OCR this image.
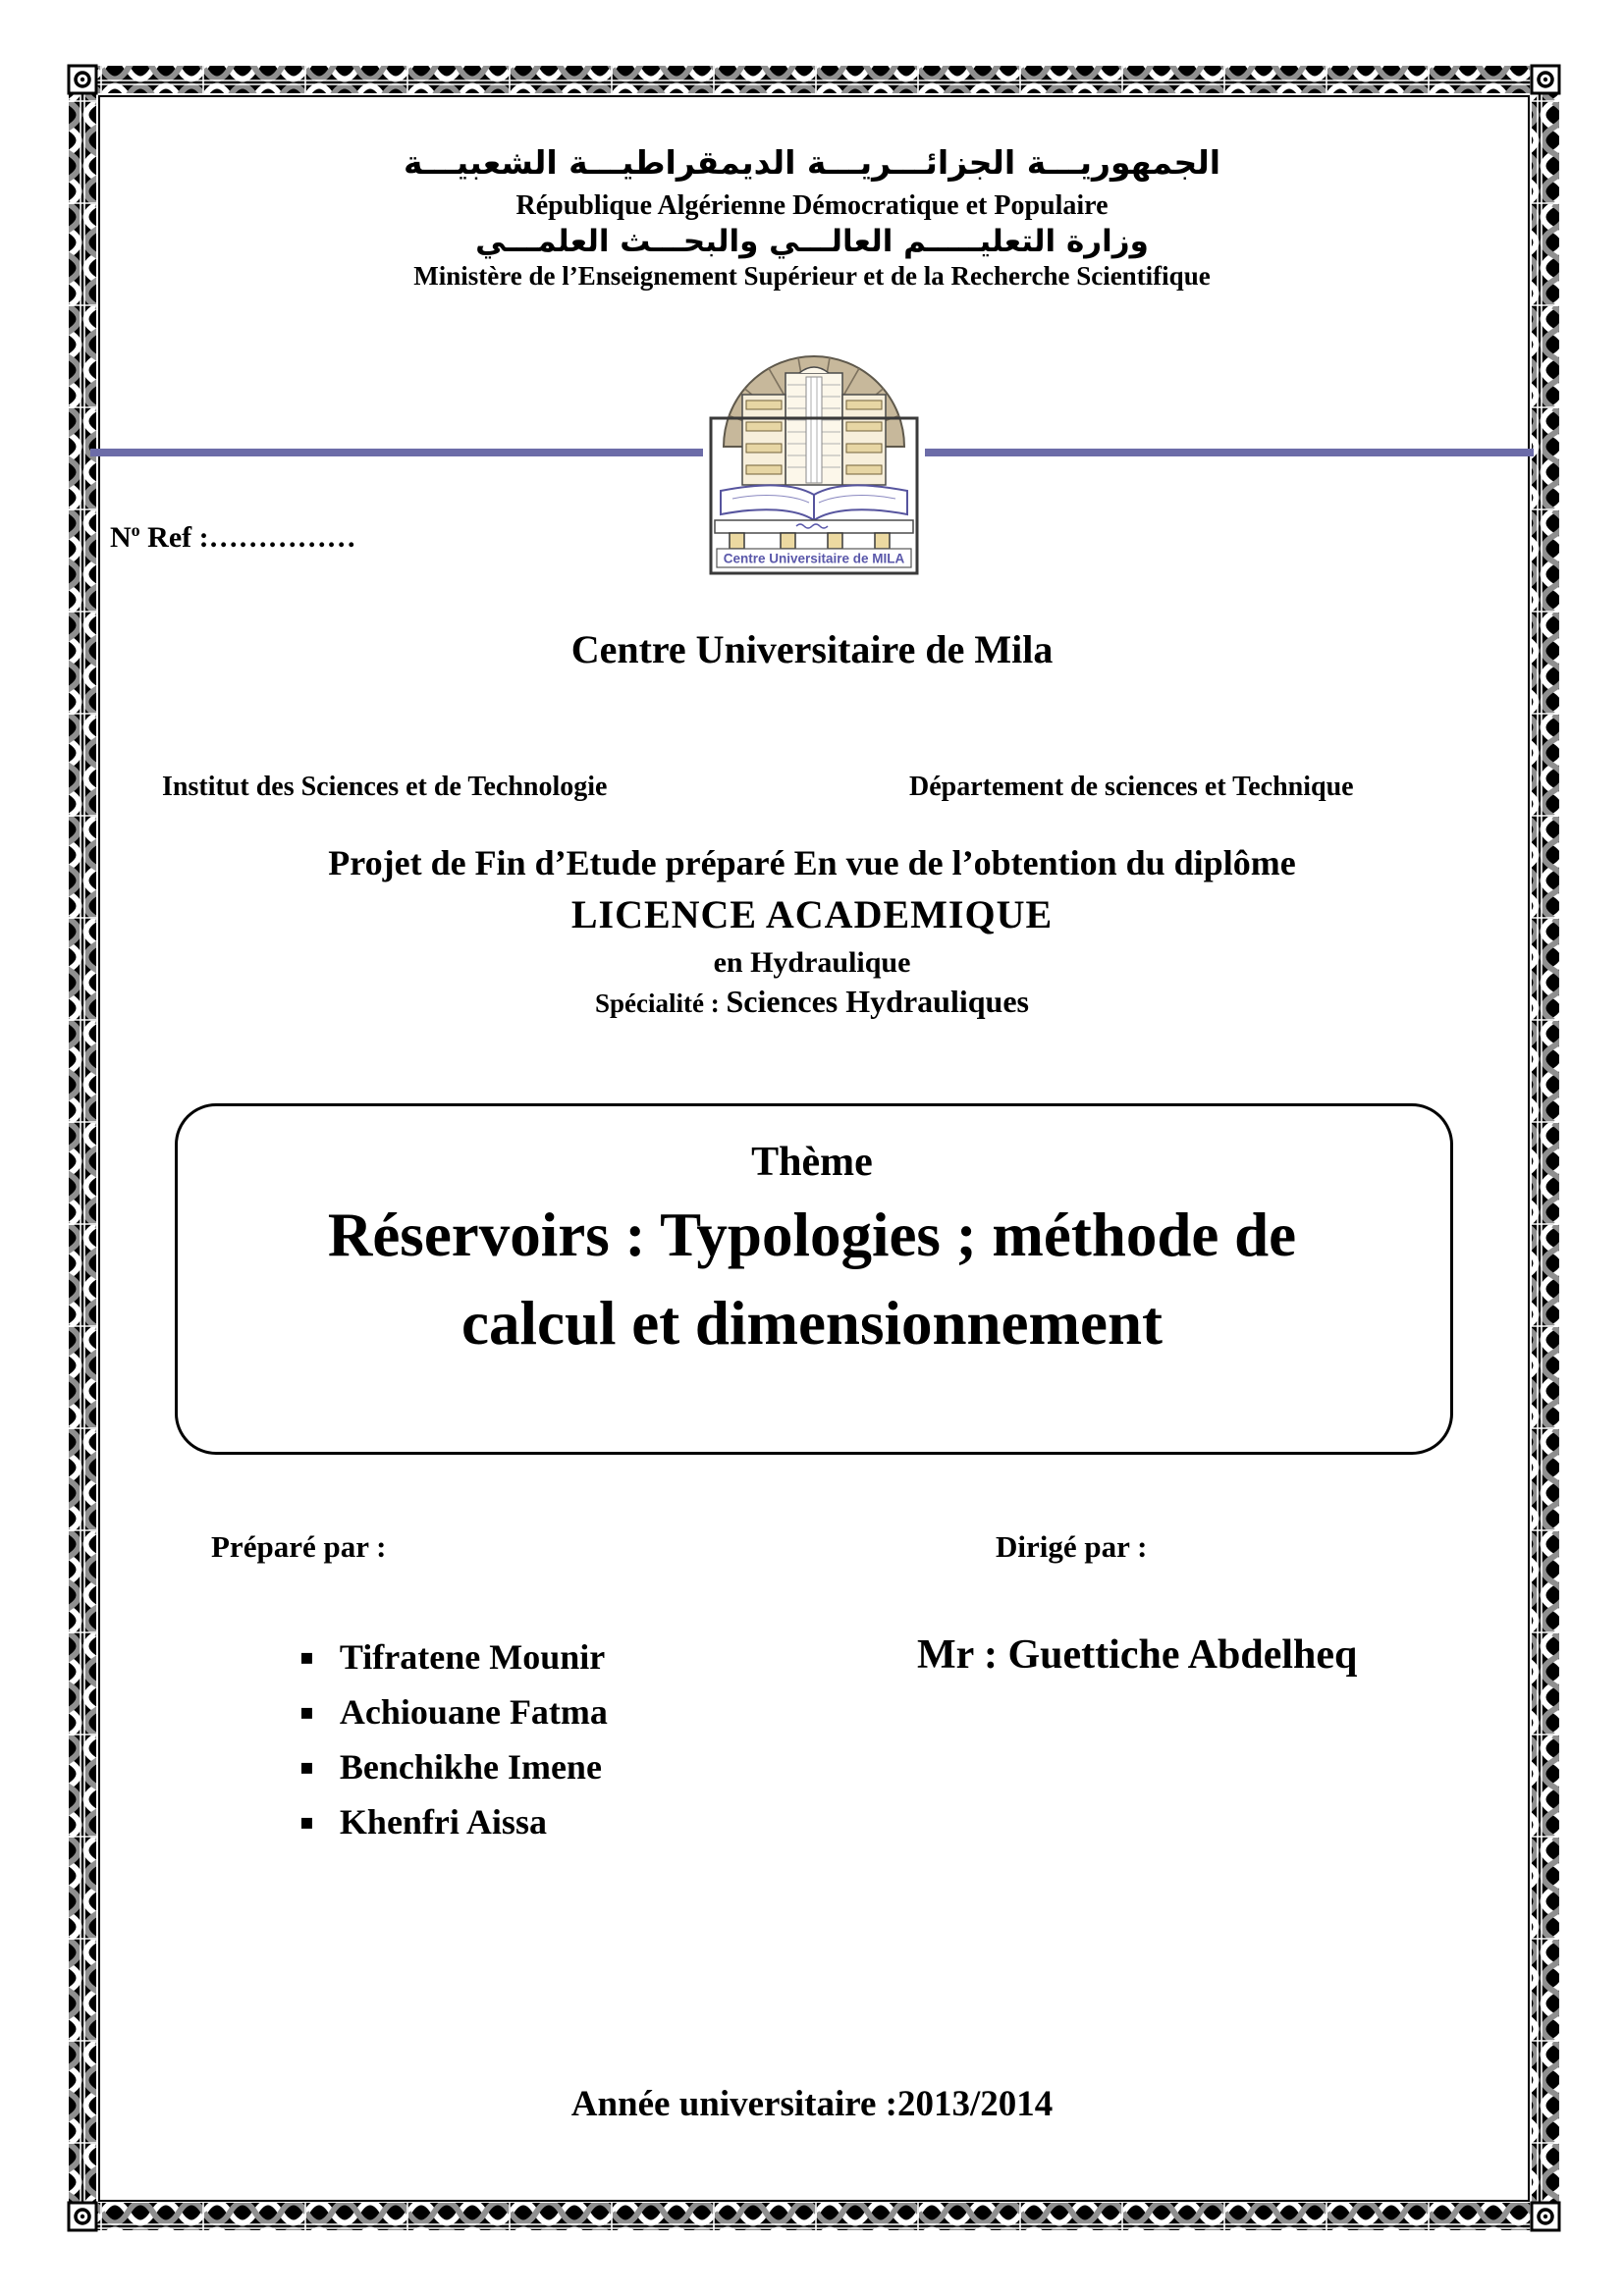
الجمهوريـــة الجزائـــريـــة الديمقراطيـــة الشعبيـــة
République Algérienne Démocratique et Populaire
وزارة التعليـــــم العالـــي والبحـــث العلمـــي
Ministère de l’Enseignement Supérieur et de la Recherche Scientifique
$N^o$ Ref :……………
Centre Universitaire de MILA
Centre Universitaire de Mila
Institut des Sciences et de Technologie	Département de sciences et Technique
Projet de Fin d’Etude préparé En vue de l’obtention du diplôme
LICENCE ACADEMIQUE
en Hydraulique
Spécialité : Sciences Hydrauliques
Thème
Réservoirs : Typologies ; méthode de
calcul et dimensionnement
Préparé par :	Dirigé par :
▪ Tifratene Mounir
▪ Achiouane Fatma
▪ Benchikhe Imene
▪ Khenfri Aissa
Mr : Guettiche Abdelheq
Année universitaire :2013/2014
